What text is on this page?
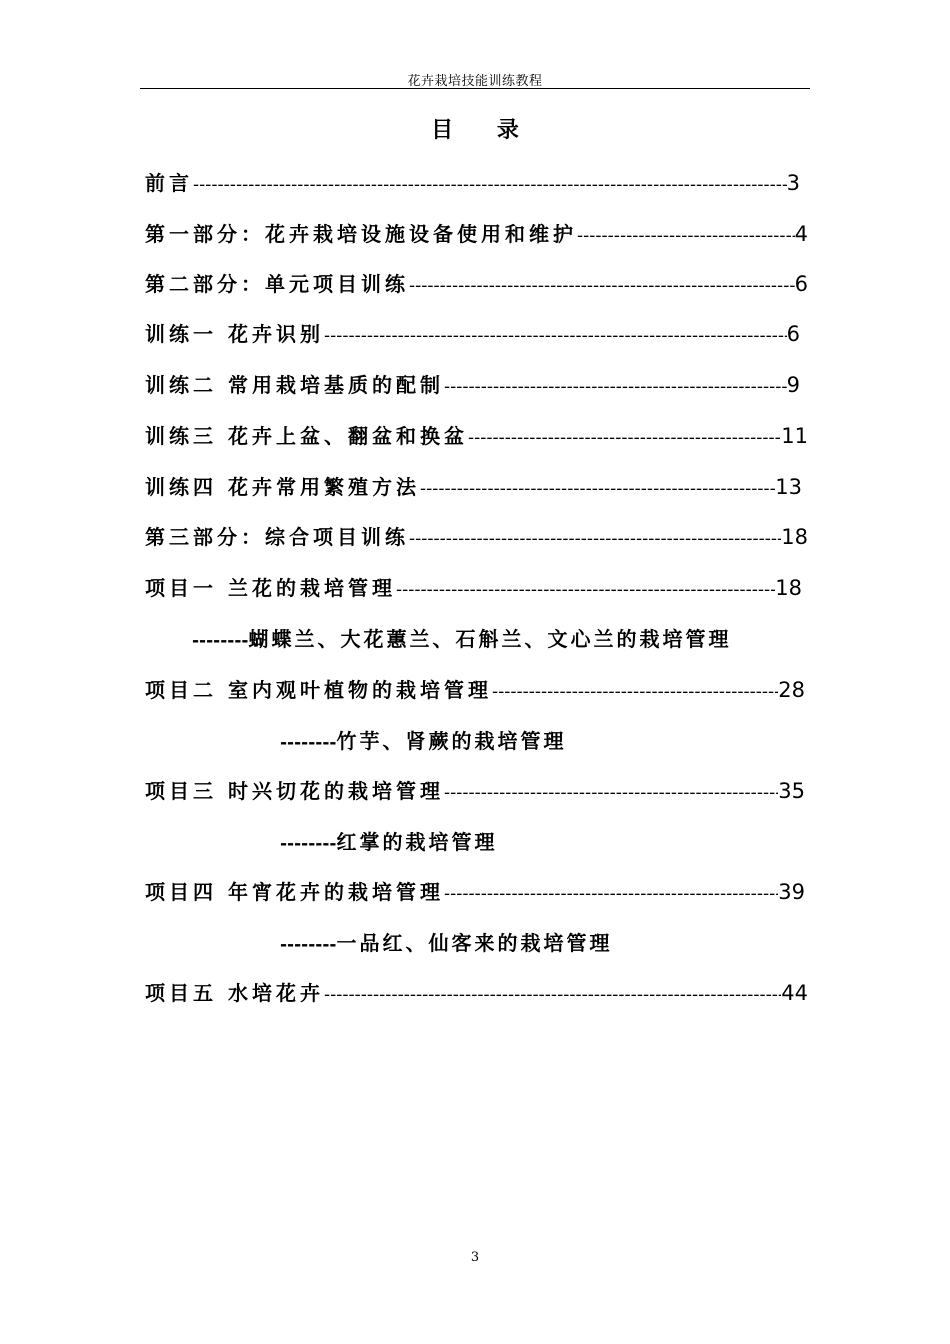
花卉栽培技能训练教程
目 录
前言 -----	3
第一部分：花卉栽培设施设备使用和维护 -----	4
第二部分：单元项目训练 -----	6
训练一 花卉识别 -----	6
训练二 常用栽培基质的配制 -----	9
训练三 花卉上盆、翻盆和换盆 -----	11
训练四 花卉常用繁殖方法 -----	13
第三部分：综合项目训练 -----	18
项目一 兰花的栽培管理 -----	18
--------蝴蝶兰、大花蕙兰、石斛兰、文心兰的栽培管理
项目二 室内观叶植物的栽培管理 -----	28
--------竹芋、肾蕨的栽培管理
项目三 时兴切花的栽培管理 -----	35
--------红掌的栽培管理
项目四 年宵花卉的栽培管理 -----	39
--------一品红、仙客来的栽培管理
项目五 水培花卉 -----	44
3
